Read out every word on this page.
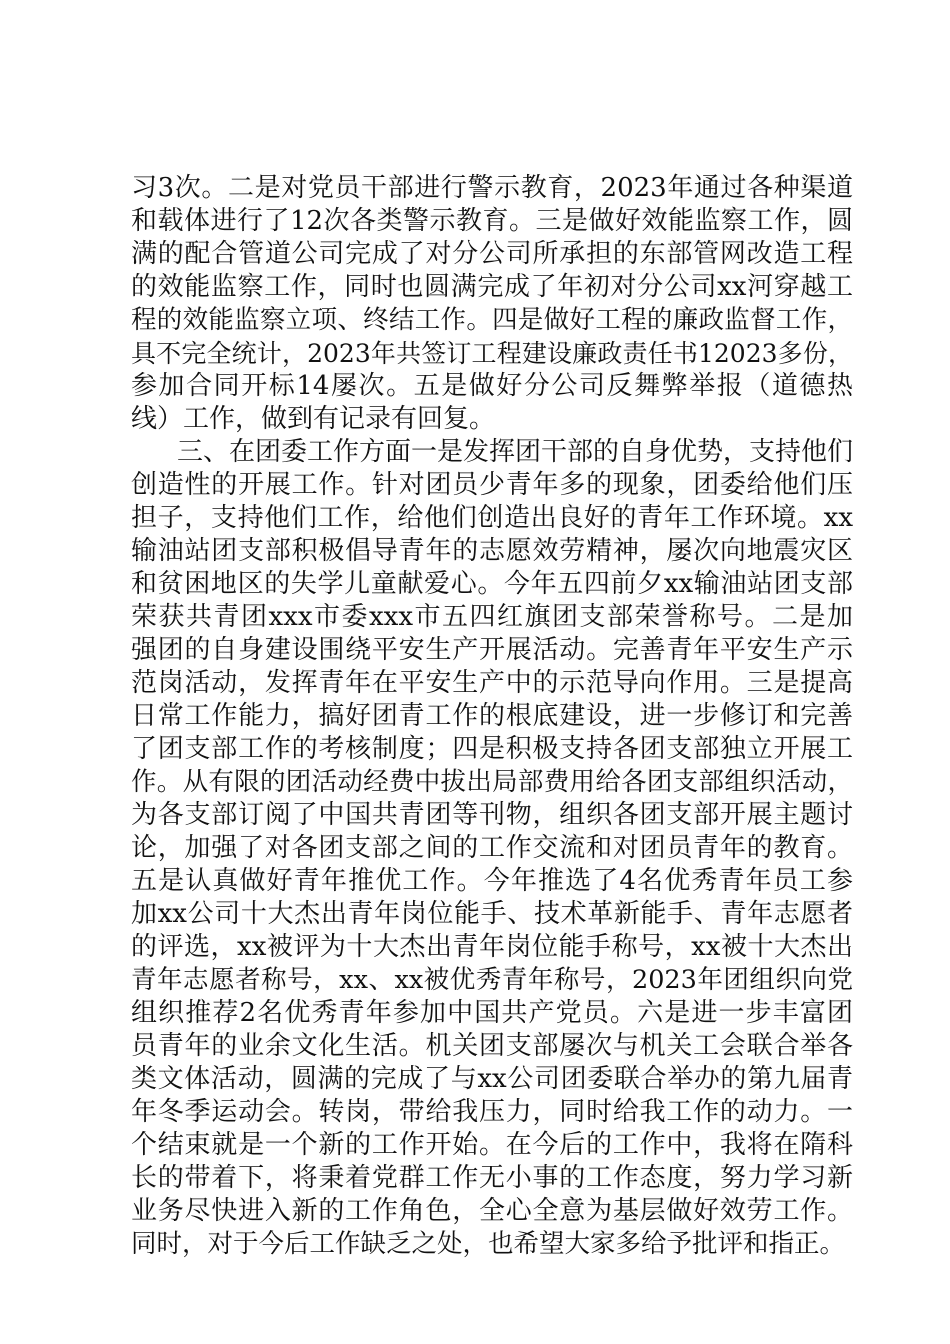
习3次。二是对党员干部进行警示教育，2023年通过各种渠道
和载体进行了12次各类警示教育。三是做好效能监察工作，圆
满的配合管道公司完成了对分公司所承担的东部管网改造工程
的效能监察工作，同时也圆满完成了年初对分公司xx河穿越工
程的效能监察立项、终结工作。四是做好工程的廉政监督工作，
具不完全统计，2023年共签订工程建设廉政责任书12023多份，
参加合同开标14屡次。五是做好分公司反舞弊举报（道德热
线）工作，做到有记录有回复。
三、在团委工作方面一是发挥团干部的自身优势，支持他们
创造性的开展工作。针对团员少青年多的现象，团委给他们压
担子，支持他们工作，给他们创造出良好的青年工作环境。xx
输油站团支部积极倡导青年的志愿效劳精神，屡次向地震灾区
和贫困地区的失学儿童献爱心。今年五四前夕xx输油站团支部
荣获共青团xxx市委xxx市五四红旗团支部荣誉称号。二是加
强团的自身建设围绕平安生产开展活动。完善青年平安生产示
范岗活动，发挥青年在平安生产中的示范导向作用。三是提高
日常工作能力，搞好团青工作的根底建设，进一步修订和完善
了团支部工作的考核制度；四是积极支持各团支部独立开展工
作。从有限的团活动经费中拔出局部费用给各团支部组织活动，
为各支部订阅了中国共青团等刊物，组织各团支部开展主题讨
论，加强了对各团支部之间的工作交流和对团员青年的教育。
五是认真做好青年推优工作。今年推选了4名优秀青年员工参
加xx公司十大杰出青年岗位能手、技术革新能手、青年志愿者
的评选，xx被评为十大杰出青年岗位能手称号，xx被十大杰出
青年志愿者称号，xx、xx被优秀青年称号，2023年团组织向党
组织推荐2名优秀青年参加中国共产党员。六是进一步丰富团
员青年的业余文化生活。机关团支部屡次与机关工会联合举各
类文体活动，圆满的完成了与xx公司团委联合举办的第九届青
年冬季运动会。转岗，带给我压力，同时给我工作的动力。一
个结束就是一个新的工作开始。在今后的工作中，我将在隋科
长的带着下，将秉着党群工作无小事的工作态度，努力学习新
业务尽快进入新的工作角色，全心全意为基层做好效劳工作。
同时，对于今后工作缺乏之处，也希望大家多给予批评和指正。
